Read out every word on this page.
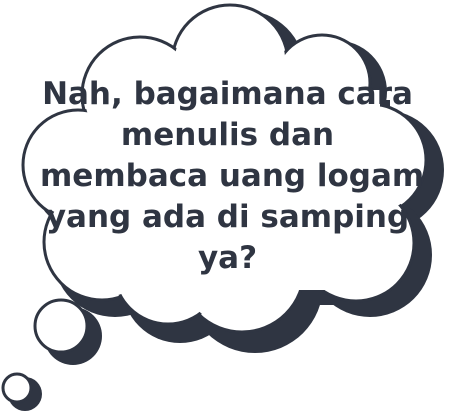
Nah, bagaimana cara
menulis dan
membaca uang logam
yang ada di samping
ya?
